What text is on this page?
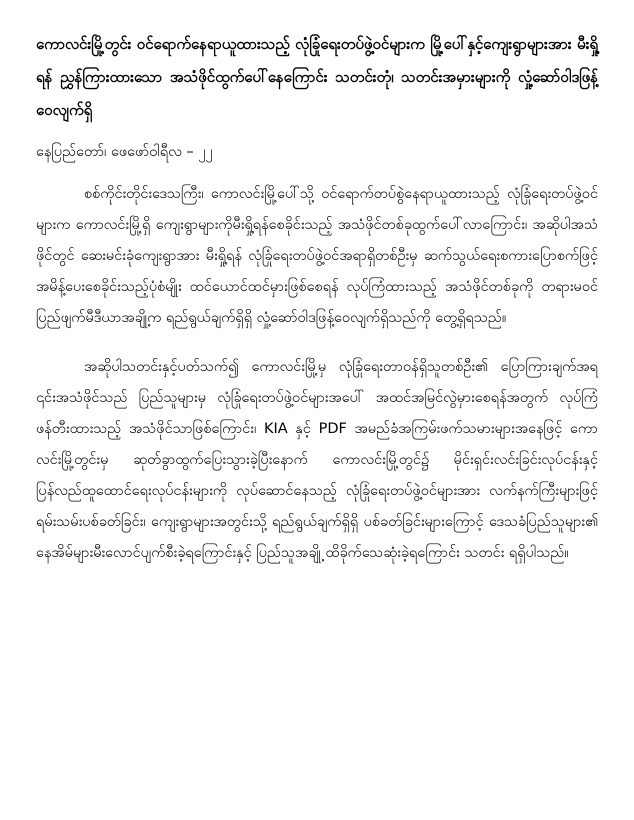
ကောလင်းမြို့တွင်း ဝင်ရောက်နေရာယူထားသည့် လုံခြုံရေးတပ်ဖွဲ့ဝင်များက မြို့ပေါ်နှင့်ကျေးရွာများအား မီးရှို့ရန် ညွှန်ကြားထားသော အသံဖိုင်ထွက်ပေါ်နေကြောင်း သတင်းတုံ၊ သတင်းအမှားများကို လှုံ့ဆော်ဝါဒဖြန့်ဝေလျက်ရှိ

နေပြည်တော်၊ ဖေဖော်ဝါရီလ – ၂၂

စစ်ကိုင်းတိုင်းဒေသကြီး၊ ကောလင်းမြို့ပေါ်သို့ ဝင်ရောက်တပ်စွဲနေရာယူထားသည့် လုံခြုံရေးတပ်ဖွဲ့ဝင်များက ကောလင်းမြို့ရှိ ကျေးရွာများကိုမီးရှို့ရန်စေခိုင်းသည့် အသံဖိုင်တစ်ခုထွက်ပေါ်လာကြောင်း၊ အဆိုပါအသံဖိုင်တွင် ဆေးမင်းခုံကျေးရွာအား မီးရှို့ရန် လုံခြုံရေးတပ်ဖွဲ့ဝင်အရာရှိတစ်ဦးမှ ဆက်သွယ်ရေးစကားပြောစက်ဖြင့် အမိန့်ပေးစေခိုင်းသည့်ပုံစံမျိုး ထင်ယောင်ထင်မှားဖြစ်စေရန် လုပ်ကြံထားသည့် အသံဖိုင်တစ်ခုကို တရားမဝင်ပြည်ဖျက်မီဒီယာအချို့က ရည်ရွယ်ချက်ရှိရှိ လှုံ့ဆော်ဝါဒဖြန့်ဝေလျက်ရှိသည်ကို တွေ့ရှိရသည်။

အဆိုပါသတင်းနှင့်ပတ်သက်၍ ကောလင်းမြို့မှ လုံခြုံရေးတာဝန်ရှိသူတစ်ဦး၏ ပြောကြားချက်အရ ၎င်းအသံဖိုင်သည် ပြည်သူများမှ လုံခြုံရေးတပ်ဖွဲ့ဝင်များအပေါ် အထင်အမြင်လွဲမှားစေရန်အတွက် လုပ်ကြံဖန်တီးထားသည့် အသံဖိုင်သာဖြစ်ကြောင်း၊ KIA နှင့် PDF အမည်ခံအကြမ်းဖက်သမားများအနေဖြင့် ကောလင်းမြို့တွင်းမှ ဆုတ်ခွာထွက်ပြေးသွားခဲ့ပြီးနောက် ကောလင်းမြို့တွင်၌ မိုင်းရှင်းလင်းခြင်းလုပ်ငန်းနှင့် ပြန်လည်ထူထောင်ရေးလုပ်ငန်းများကို လုပ်ဆောင်နေသည့် လုံခြုံရေးတပ်ဖွဲ့ဝင်များအား လက်နက်ကြီးများဖြင့် ရမ်းသမ်းပစ်ခတ်ခြင်း၊ ကျေးရွာများအတွင်းသို့ ရည်ရွယ်ချက်ရှိရှိ ပစ်ခတ်ခြင်းများကြောင့် ဒေသခံပြည်သူများ၏ နေအိမ်များမီးလောင်ပျက်စီးခဲ့ရကြောင်းနှင့် ပြည်သူအချို့ ထိခိုက်သေဆုံးခဲ့ရကြောင်း သတင်း ရရှိပါသည်။
